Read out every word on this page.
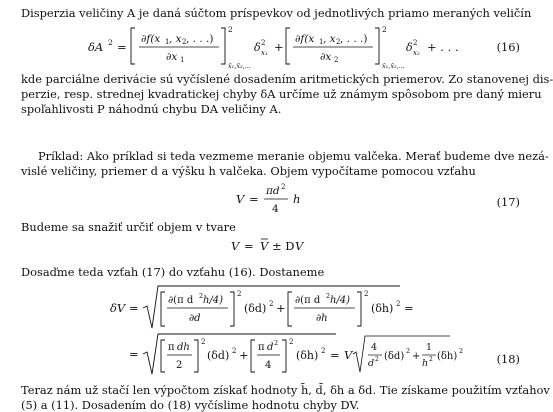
Disperzia veličiny A je daná súčtom príspevkov od jednotlivých priamo meraných veličín
δA 2 =
∂f(x 1 , x 2 , . . .)
∂x 1
2
x̄₁,x̄₂,...
δ 2
x₁ +
∂f(x 1 , x 2 , . . .)
∂x 2
2
x̄₁,x̄₂,...
δ 2
x₂ + . . .	(16)
kde parciálne derivácie sú vyčíslené dosadením aritmetických priemerov. Zo stanovenej dis-
perzie, resp. strednej kvadratickej chyby δA určíme už známym spôsobom pre daný mieru
spoľahlivosti P náhodnú chybu DA veličiny A.
Príklad: Ako príklad si teda vezmeme meranie objemu valčeka. Merať budeme dve nezá-
vislé veličiny, priemer d a výšku h valčeka. Objem vypočítame pomocou vzťahu
V =
πd 2
4
h	(17)
Budeme sa snažiť určiť objem v tvare
V = V ± D V
Dosaďme teda vzťah (17) do vzťahu (16). Dostaneme
δV =
∂(π d 2 h/4)
∂d
2
(δd) 2 +
∂(π d 2 h/4)
∂h
2
(δh) 2 =
=	π dh
2
2
(δd) 2 +
π d 2
4
2
(δh) 2 = V
4
d 2 (δd) 2 +
1
h 2 (δh) 2
(18)
Teraz nám už stačí len výpočtom získať hodnoty h̄, d̄, δh a δd. Tie získame použitím vzťahov
(5) a (11). Dosadením do (18) vyčíslime hodnotu chyby DV.
